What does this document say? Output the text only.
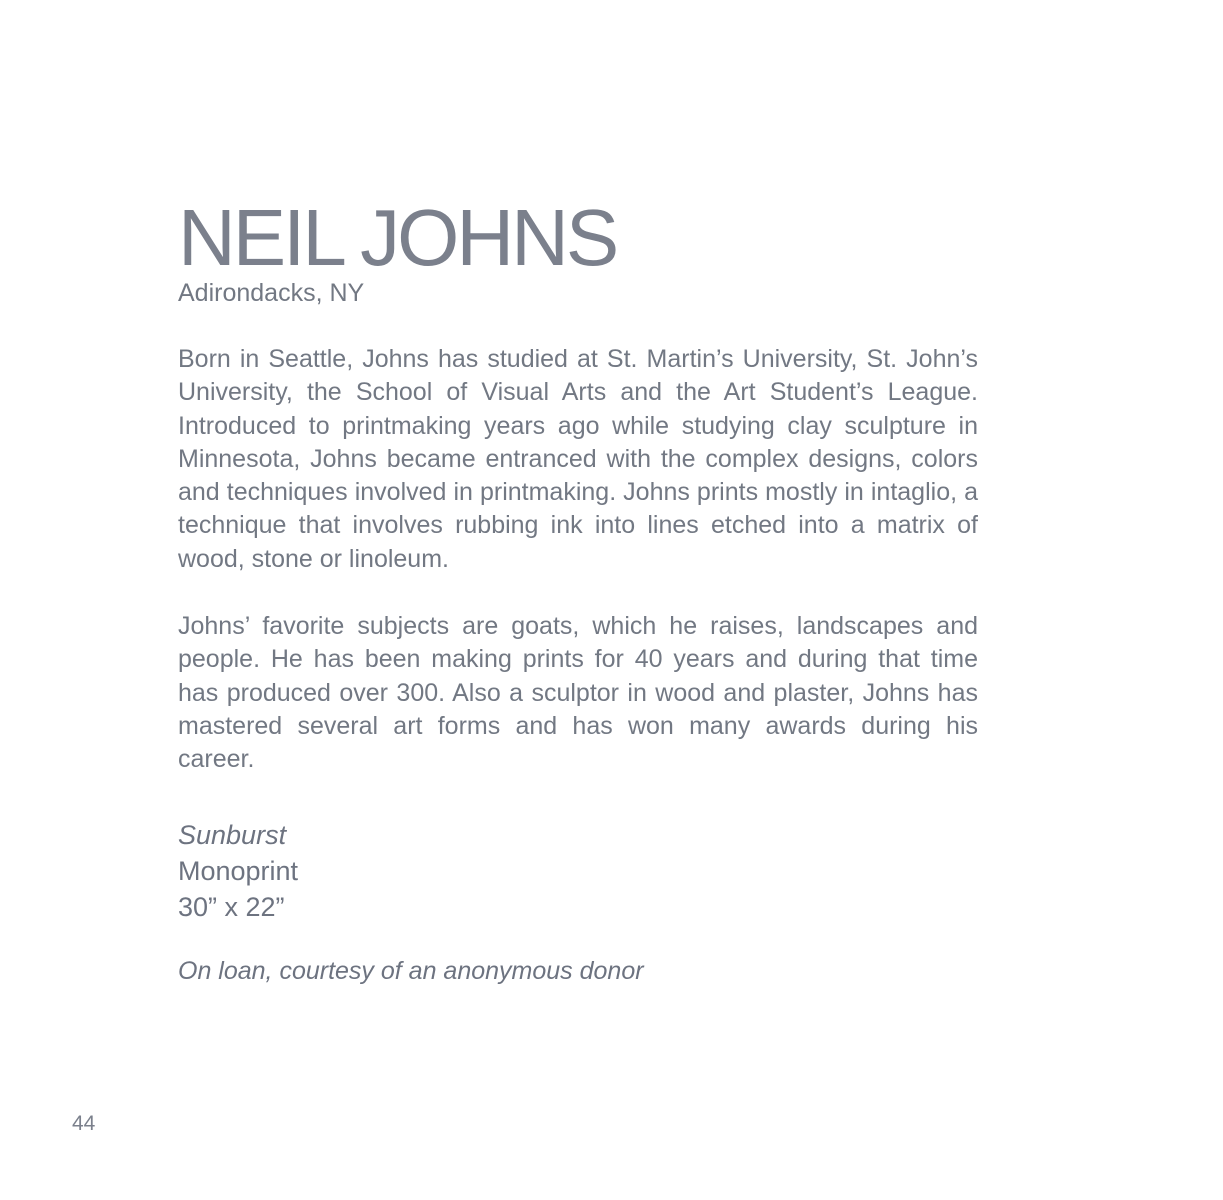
NEIL JOHNS

Adirondacks, NY

Born in Seattle, Johns has studied at St. Martin’s University, St. John’s University, the School of Visual Arts and the Art Student’s League. Introduced to printmaking years ago while studying clay sculpture in Minnesota, Johns became entranced with the complex designs, colors and techniques involved in printmaking. Johns prints mostly in intaglio, a technique that involves rubbing ink into lines etched into a matrix of wood, stone or linoleum.

Johns’ favorite subjects are goats, which he raises, landscapes and people. He has been making prints for 40 years and during that time has produced over 300. Also a sculptor in wood and plaster, Johns has mastered several art forms and has won many awards during his career.

Sunburst

Monoprint

30” x 22”

On loan, courtesy of an anonymous donor

44
